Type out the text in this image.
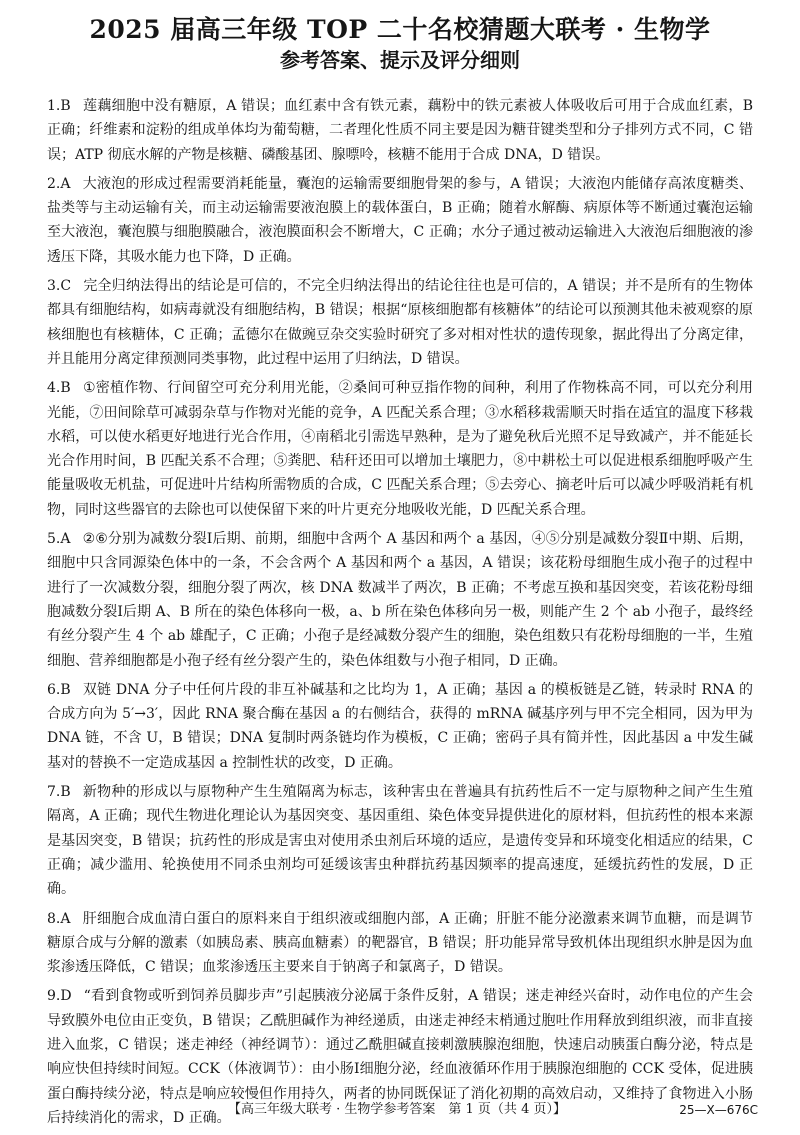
2025 届高三年级 TOP 二十名校猜题大联考 · 生物学
参考答案、提示及评分细则

1.B 莲藕细胞中没有糖原，A 错误；血红素中含有铁元素，藕粉中的铁元素被人体吸收后可用于合成血红素，B 正确；纤维素和淀粉的组成单体均为葡萄糖，二者理化性质不同主要是因为糖苷键类型和分子排列方式不同，C 错误；ATP 彻底水解的产物是核糖、磷酸基团、腺嘌呤，核糖不能用于合成 DNA，D 错误。

2.A 大液泡的形成过程需要消耗能量，囊泡的运输需要细胞骨架的参与，A 错误；大液泡内能储存高浓度糖类、盐类等与主动运输有关，而主动运输需要液泡膜上的载体蛋白，B 正确；随着水解酶、病原体等不断通过囊泡运输至大液泡，囊泡膜与细胞膜融合，液泡膜面积会不断增大，C 正确；水分子通过被动运输进入大液泡后细胞液的渗透压下降，其吸水能力也下降，D 正确。

3.C 完全归纳法得出的结论是可信的，不完全归纳法得出的结论往往也是可信的，A 错误；并不是所有的生物体都具有细胞结构，如病毒就没有细胞结构，B 错误；根据“原核细胞都有核糖体”的结论可以预测其他未被观察的原核细胞也有核糖体，C 正确；孟德尔在做豌豆杂交实验时研究了多对相对性状的遗传现象，据此得出了分离定律，并且能用分离定律预测同类事物，此过程中运用了归纳法，D 错误。

4.B ①密植作物、行间留空可充分利用光能，②桑间可种豆指作物的间种，利用了作物株高不同，可以充分利用光能，⑦田间除草可减弱杂草与作物对光能的竞争，A 匹配关系合理；③水稻移栽需顺天时指在适宜的温度下移栽水稻，可以使水稻更好地进行光合作用，④南稻北引需选早熟种，是为了避免秋后光照不足导致减产，并不能延长光合作用时间，B 匹配关系不合理；⑤粪肥、秸秆还田可以增加土壤肥力，⑧中耕松土可以促进根系细胞呼吸产生能量吸收无机盐，可促进叶片结构所需物质的合成，C 匹配关系合理；⑤去旁心、摘老叶后可以减少呼吸消耗有机物，同时这些器官的去除也可以使保留下来的叶片更充分地吸收光能，D 匹配关系合理。

5.A ②⑥分别为减数分裂Ⅰ后期、前期，细胞中含两个 A 基因和两个 a 基因，④⑤分别是减数分裂Ⅱ中期、后期，细胞中只含同源染色体中的一条，不会含两个 A 基因和两个 a 基因，A 错误；该花粉母细胞生成小孢子的过程中进行了一次减数分裂，细胞分裂了两次，核 DNA 数减半了两次，B 正确；不考虑互换和基因突变，若该花粉母细胞减数分裂Ⅰ后期 A、B 所在的染色体移向一极，a、b 所在染色体移向另一极，则能产生 2 个 ab 小孢子，最终经有丝分裂产生 4 个 ab 雄配子，C 正确；小孢子是经减数分裂产生的细胞，染色组数只有花粉母细胞的一半，生殖细胞、营养细胞都是小孢子经有丝分裂产生的，染色体组数与小孢子相同，D 正确。

6.B 双链 DNA 分子中任何片段的非互补碱基和之比均为 1，A 正确；基因 a 的模板链是乙链，转录时 RNA 的合成方向为 5′→3′，因此 RNA 聚合酶在基因 a 的右侧结合，获得的 mRNA 碱基序列与甲不完全相同，因为甲为 DNA 链，不含 U，B 错误；DNA 复制时两条链均作为模板，C 正确；密码子具有简并性，因此基因 a 中发生碱基对的替换不一定造成基因 a 控制性状的改变，D 正确。

7.B 新物种的形成以与原物种产生生殖隔离为标志，该种害虫在普遍具有抗药性后不一定与原物种之间产生生殖隔离，A 正确；现代生物进化理论认为基因突变、基因重组、染色体变异提供进化的原材料，但抗药性的根本来源是基因突变，B 错误；抗药性的形成是害虫对使用杀虫剂后环境的适应，是遗传变异和环境变化相适应的结果，C 正确；减少滥用、轮换使用不同杀虫剂均可延缓该害虫种群抗药基因频率的提高速度，延缓抗药性的发展，D 正确。

8.A 肝细胞合成血清白蛋白的原料来自于组织液或细胞内部，A 正确；肝脏不能分泌激素来调节血糖，而是调节糖原合成与分解的激素（如胰岛素、胰高血糖素）的靶器官，B 错误；肝功能异常导致机体出现组织水肿是因为血浆渗透压降低，C 错误；血浆渗透压主要来自于钠离子和氯离子，D 错误。

9.D “看到食物或听到饲养员脚步声”引起胰液分泌属于条件反射，A 错误；迷走神经兴奋时，动作电位的产生会导致膜外电位由正变负，B 错误；乙酰胆碱作为神经递质，由迷走神经末梢通过胞吐作用释放到组织液，而非直接进入血浆，C 错误；迷走神经（神经调节）：通过乙酰胆碱直接刺激胰腺泡细胞，快速启动胰蛋白酶分泌，特点是响应快但持续时间短。CCK（体液调节）：由小肠Ⅰ细胞分泌，经血液循环作用于胰腺泡细胞的 CCK 受体，促进胰蛋白酶持续分泌，特点是响应较慢但作用持久，两者的协同既保证了消化初期的高效启动，又维持了食物进入小肠后持续消化的需求，D 正确。

【高三年级大联考 · 生物学参考答案　第 1 页（共 4 页）】	25—X—676C
